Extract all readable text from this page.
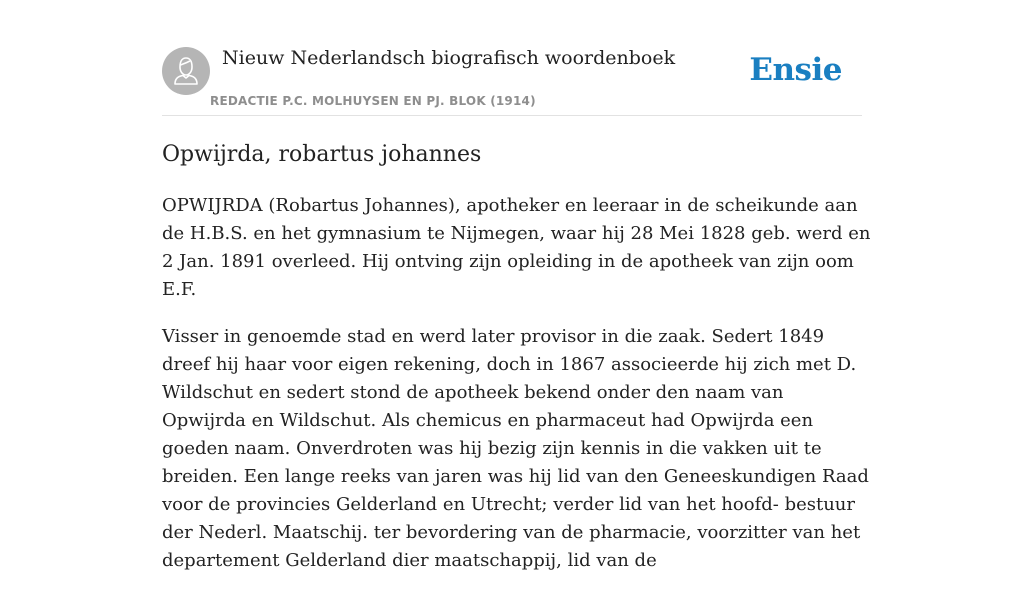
Nieuw Nederlandsch biografisch woordenboek
REDACTIE P.C. MOLHUYSEN EN PJ. BLOK (1914)
Ensie
Opwijrda, robartus johannes

OPWIJRDA (Robartus Johannes), apotheker en leeraar in de scheikunde aan de H.B.S. en het gymnasium te Nijmegen, waar hij 28 Mei 1828 geb. werd en 2 Jan. 1891 overleed. Hij ontving zijn opleiding in de apotheek van zijn oom E.F.

Visser in genoemde stad en werd later provisor in die zaak. Sedert 1849 dreef hij haar voor eigen rekening, doch in 1867 associeerde hij zich met D. Wildschut en sedert stond de apotheek bekend onder den naam van Opwijrda en Wildschut. Als chemicus en pharmaceut had Opwijrda een goeden naam. Onverdroten was hij bezig zijn kennis in die vakken uit te breiden. Een lange reeks van jaren was hij lid van den Geneeskundigen Raad voor de provincies Gelderland en Utrecht; verder lid van het hoofd- bestuur der Nederl. Maatschij. ter bevordering van de pharmacie, voorzitter van het departement Gelderland dier maatschappij, lid van de
